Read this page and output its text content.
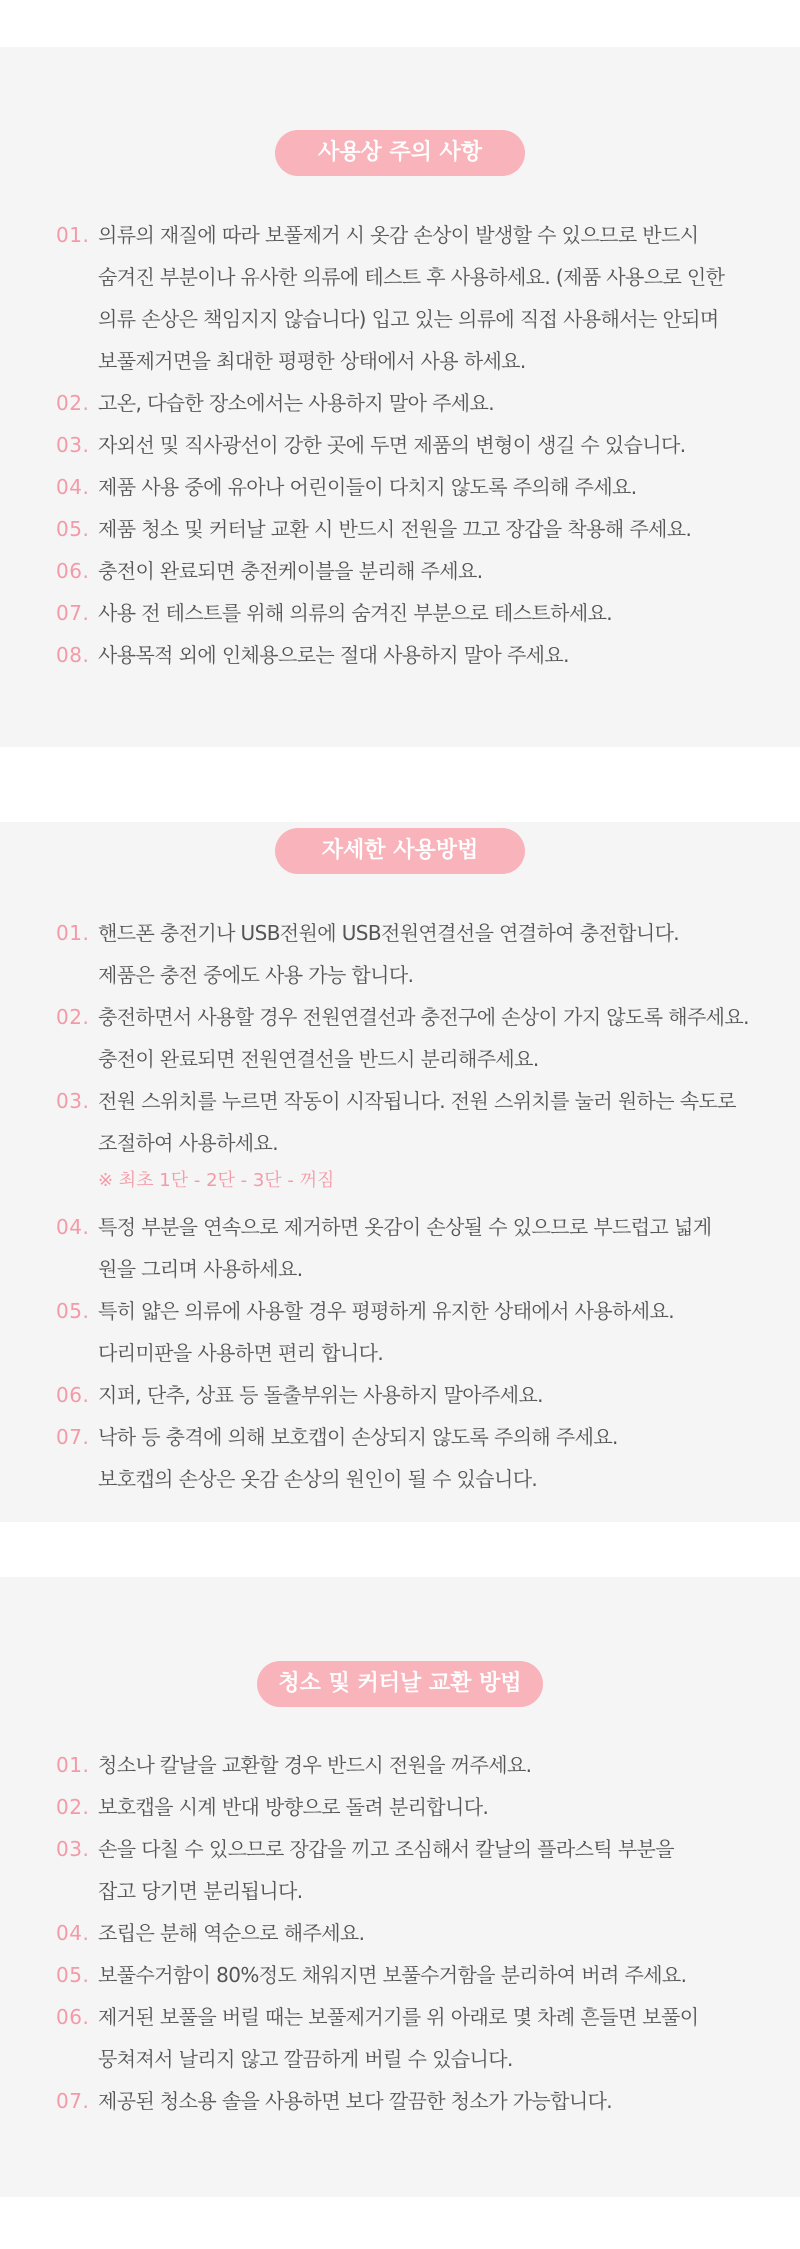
사용상 주의 사항
01. 의류의 재질에 따라 보풀제거 시 옷감 손상이 발생할 수 있으므로 반드시
숨겨진 부분이나 유사한 의류에 테스트 후 사용하세요. (제품 사용으로 인한
의류 손상은 책임지지 않습니다) 입고 있는 의류에 직접 사용해서는 안되며
보풀제거면을 최대한 평평한 상태에서 사용 하세요.
02. 고온, 다습한 장소에서는 사용하지 말아 주세요.
03. 자외선 및 직사광선이 강한 곳에 두면 제품의 변형이 생길 수 있습니다.
04. 제품 사용 중에 유아나 어린이들이 다치지 않도록 주의해 주세요.
05. 제품 청소 및 커터날 교환 시 반드시 전원을 끄고 장갑을 착용해 주세요.
06. 충전이 완료되면 충전케이블을 분리해 주세요.
07. 사용 전 테스트를 위해 의류의 숨겨진 부분으로 테스트하세요.
08. 사용목적 외에 인체용으로는 절대 사용하지 말아 주세요.
자세한 사용방법
01. 핸드폰 충전기나 USB전원에 USB전원연결선을 연결하여 충전합니다.
제품은 충전 중에도 사용 가능 합니다.
02. 충전하면서 사용할 경우 전원연결선과 충전구에 손상이 가지 않도록 해주세요.
충전이 완료되면 전원연결선을 반드시 분리해주세요.
03. 전원 스위치를 누르면 작동이 시작됩니다. 전원 스위치를 눌러 원하는 속도로
조절하여 사용하세요.
※ 최초 1단 - 2단 - 3단 - 꺼짐
04. 특정 부분을 연속으로 제거하면 옷감이 손상될 수 있으므로 부드럽고 넓게
원을 그리며 사용하세요.
05. 특히 얇은 의류에 사용할 경우 평평하게 유지한 상태에서 사용하세요.
다리미판을 사용하면 편리 합니다.
06. 지퍼, 단추, 상표 등 돌출부위는 사용하지 말아주세요.
07. 낙하 등 충격에 의해 보호캡이 손상되지 않도록 주의해 주세요.
보호캡의 손상은 옷감 손상의 원인이 될 수 있습니다.
청소 및 커터날 교환 방법
01. 청소나 칼날을 교환할 경우 반드시 전원을 꺼주세요.
02. 보호캡을 시계 반대 방향으로 돌려 분리합니다.
03. 손을 다칠 수 있으므로 장갑을 끼고 조심해서 칼날의 플라스틱 부분을
잡고 당기면 분리됩니다.
04. 조립은 분해 역순으로 해주세요.
05. 보풀수거함이 80%정도 채워지면 보풀수거함을 분리하여 버려 주세요.
06. 제거된 보풀을 버릴 때는 보풀제거기를 위 아래로 몇 차례 흔들면 보풀이
뭉쳐져서 날리지 않고 깔끔하게 버릴 수 있습니다.
07. 제공된 청소용 솔을 사용하면 보다 깔끔한 청소가 가능합니다.
